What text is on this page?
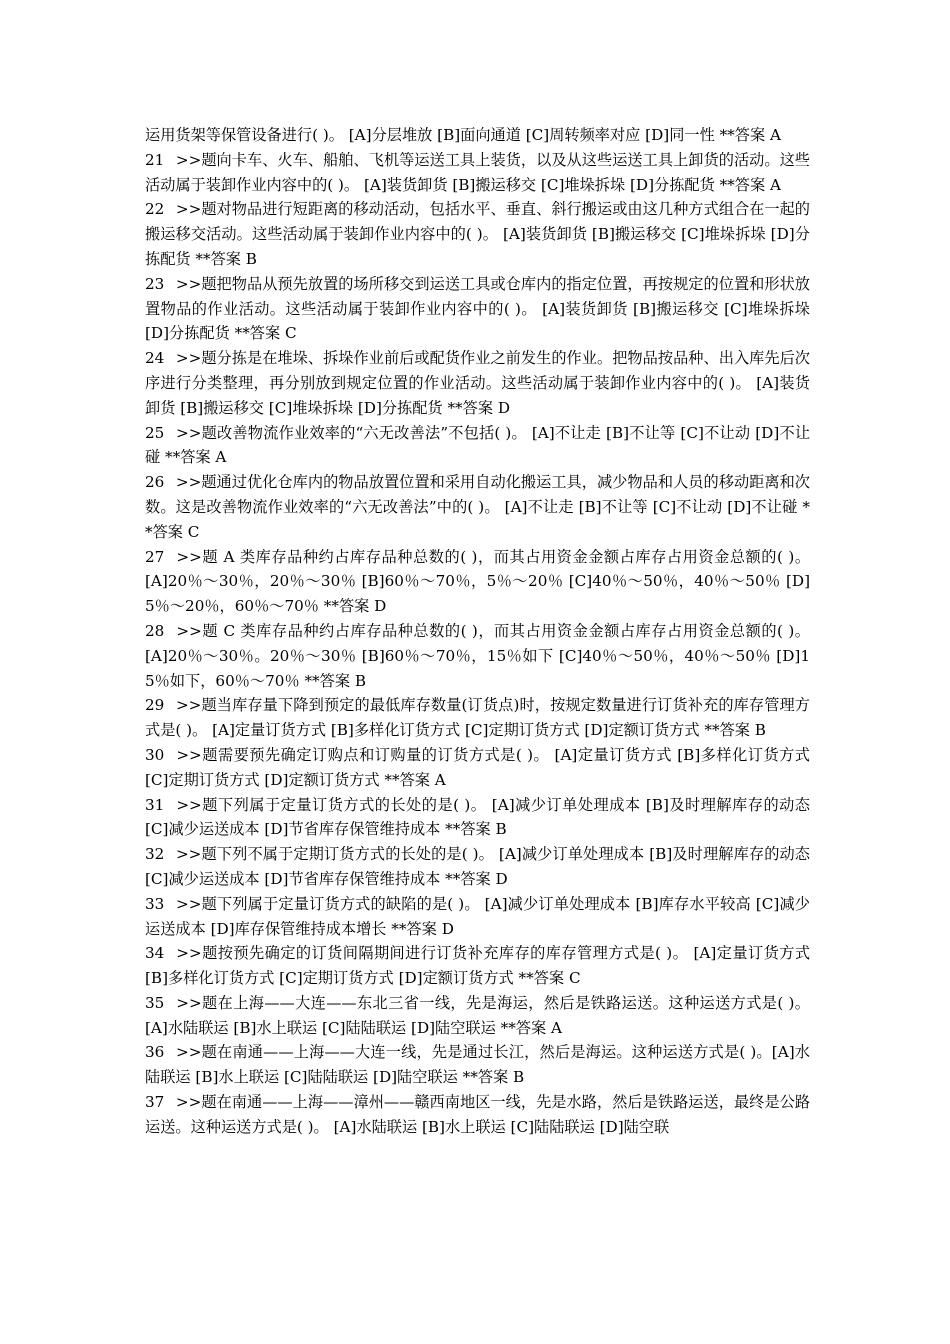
运用货架等保管设备进行( )。 [A]分层堆放 [B]面向通道 [C]周转频率对应 [D]同一性 **答案 A

21 >>题向卡车、火车、船舶、飞机等运送工具上装货，以及从这些运送工具上卸货的活动。这些活动属于装卸作业内容中的( )。 [A]装货卸货 [B]搬运移交 [C]堆垛拆垛 [D]分拣配货 **答案 A

22 >>题对物品进行短距离的移动活动，包括水平、垂直、斜行搬运或由这几种方式组合在一起的搬运移交活动。这些活动属于装卸作业内容中的( )。 [A]装货卸货 [B]搬运移交 [C]堆垛拆垛 [D]分拣配货 **答案 B

23 >>题把物品从预先放置的场所移交到运送工具或仓库内的指定位置，再按规定的位置和形状放置物品的作业活动。这些活动属于装卸作业内容中的( )。 [A]装货卸货 [B]搬运移交 [C]堆垛拆垛 [D]分拣配货 **答案 C

24 >>题分拣是在堆垛、拆垛作业前后或配货作业之前发生的作业。把物品按品种、出入库先后次序进行分类整理，再分别放到规定位置的作业活动。这些活动属于装卸作业内容中的( )。 [A]装货卸货 [B]搬运移交 [C]堆垛拆垛 [D]分拣配货 **答案 D

25 >>题改善物流作业效率的“六无改善法”不包括( )。 [A]不让走 [B]不让等 [C]不让动 [D]不让碰 **答案 A

26 >>题通过优化仓库内的物品放置位置和采用自动化搬运工具，减少物品和人员的移动距离和次数。这是改善物流作业效率的“六无改善法”中的( )。 [A]不让走 [B]不让等 [C]不让动 [D]不让碰 **答案 C

27 >>题 A 类库存品种约占库存品种总数的( )，而其占用资金金额占库存占用资金总额的( )。 [A]20％～30％，20％～30％ [B]60％～70％，5％～20％ [C]40％～50％，40％～50％ [D]5％～20％，60％～70％ **答案 D

28 >>题 C 类库存品种约占库存品种总数的( )，而其占用资金金额占库存占用资金总额的( )。 [A]20％～30％。20％～30％ [B]60％～70％，15％如下 [C]40％～50％，40％～50％ [D]15％如下，60％～70％ **答案 B

29 >>题当库存量下降到预定的最低库存数量(订货点)时，按规定数量进行订货补充的库存管理方式是( )。 [A]定量订货方式 [B]多样化订货方式 [C]定期订货方式 [D]定额订货方式 **答案 B

30 >>题需要预先确定订购点和订购量的订货方式是( )。 [A]定量订货方式 [B]多样化订货方式 [C]定期订货方式 [D]定额订货方式 **答案 A

31 >>题下列属于定量订货方式的长处的是( )。 [A]减少订单处理成本 [B]及时理解库存的动态 [C]减少运送成本 [D]节省库存保管维持成本 **答案 B

32 >>题下列不属于定期订货方式的长处的是( )。 [A]减少订单处理成本 [B]及时理解库存的动态 [C]减少运送成本 [D]节省库存保管维持成本 **答案 D

33 >>题下列属于定量订货方式的缺陷的是( )。 [A]减少订单处理成本 [B]库存水平较高 [C]减少运送成本 [D]库存保管维持成本增长 **答案 D

34 >>题按预先确定的订货间隔期间进行订货补充库存的库存管理方式是( )。 [A]定量订货方式 [B]多样化订货方式 [C]定期订货方式 [D]定额订货方式 **答案 C

35 >>题在上海——大连——东北三省一线，先是海运，然后是铁路运送。这种运送方式是( )。 [A]水陆联运 [B]水上联运 [C]陆陆联运 [D]陆空联运 **答案 A

36 >>题在南通——上海——大连一线，先是通过长江，然后是海运。这种运送方式是( )。[A]水陆联运 [B]水上联运 [C]陆陆联运 [D]陆空联运 **答案 B

37 >>题在南通——上海——漳州——赣西南地区一线，先是水路，然后是铁路运送，最终是公路运送。这种运送方式是( )。 [A]水陆联运 [B]水上联运 [C]陆陆联运 [D]陆空联
